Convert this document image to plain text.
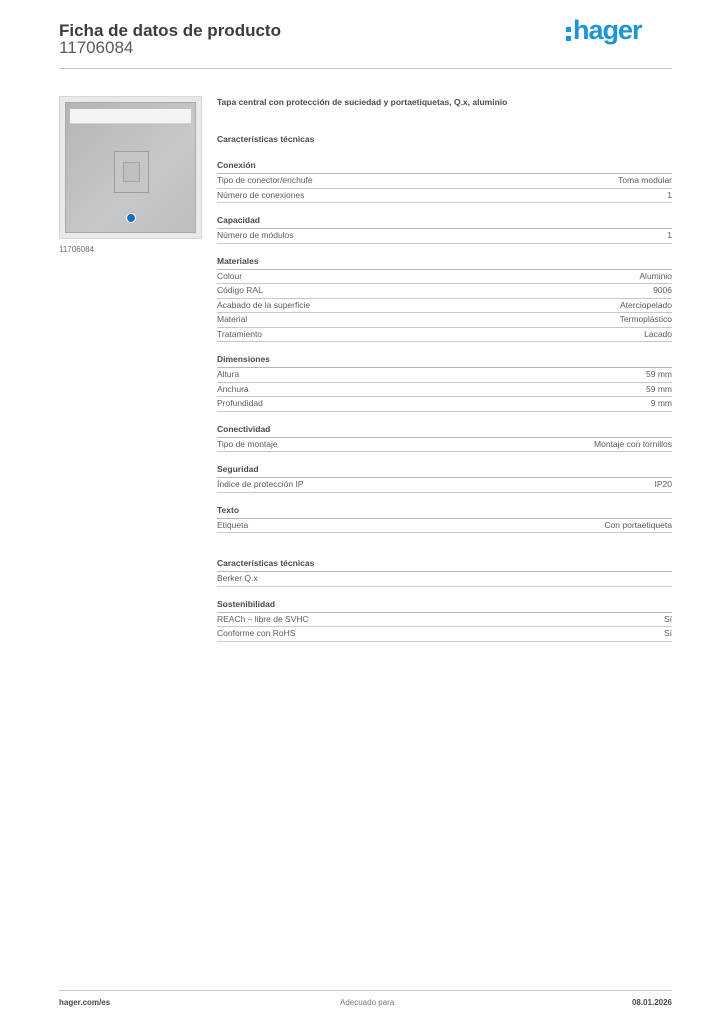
Ficha de datos de producto
11706084
hager
11706084
Tapa central con protección de suciedad y portaetiquetas, Q.x, aluminio
Características técnicas
Conexión
Tipo de conector/enchufe	Toma modular
Número de conexiones	1
Capacidad
Número de módulos	1
Materiales
Colour	Aluminio
Código RAL	9006
Acabado de la superficie	Aterciopelado
Material	Termoplástico
Tratamiento	Lacado
Dimensiones
Altura	59 mm
Anchura	59 mm
Profundidad	9 mm
Conectividad
Tipo de montaje	Montaje con tornillos
Seguridad
Índice de protección IP	IP20
Texto
Etiqueta	Con portaetiqueta
Características técnicas
Berker Q.x
Sostenibilidad
REACh – libre de SVHC	Sí
Conforme con RoHS	Sí
hager.com/es	Adecuado para	08.01.2026
